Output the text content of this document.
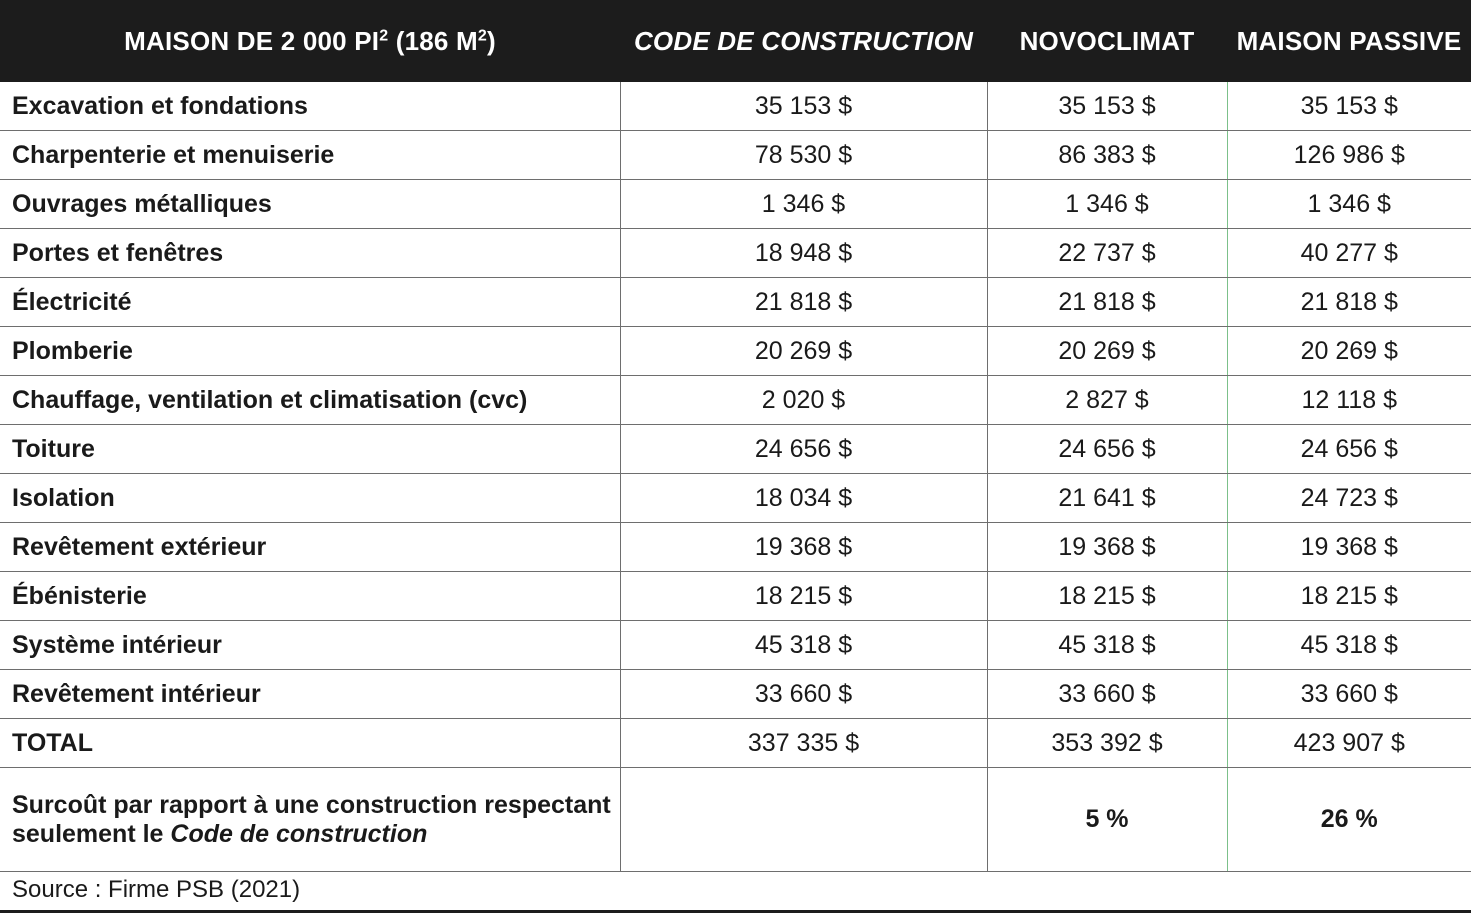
MAISON DE 2 000 $PI^2$ (186 $M^2$)	CODE DE CONSTRUCTION	NOVOCLIMAT	MAISON PASSIVE
Excavation et fondations	35 153 $	35 153 $	35 153 $
Charpenterie et menuiserie	78 530 $	86 383 $	126 986 $
Ouvrages métalliques	1 346 $	1 346 $	1 346 $
Portes et fenêtres	18 948 $	22 737 $	40 277 $
Électricité	21 818 $	21 818 $	21 818 $
Plomberie	20 269 $	20 269 $	20 269 $
Chauffage, ventilation et climatisation (cvc)	2 020 $	2 827 $	12 118 $
Toiture	24 656 $	24 656 $	24 656 $
Isolation	18 034 $	21 641 $	24 723 $
Revêtement extérieur	19 368 $	19 368 $	19 368 $
Ébénisterie	18 215 $	18 215 $	18 215 $
Système intérieur	45 318 $	45 318 $	45 318 $
Revêtement intérieur	33 660 $	33 660 $	33 660 $
TOTAL	337 335 $	353 392 $	423 907 $
Surcoût par rapport à une construction respectant
seulement le Code de construction		5 %	26 %
Source : Firme PSB (2021)
